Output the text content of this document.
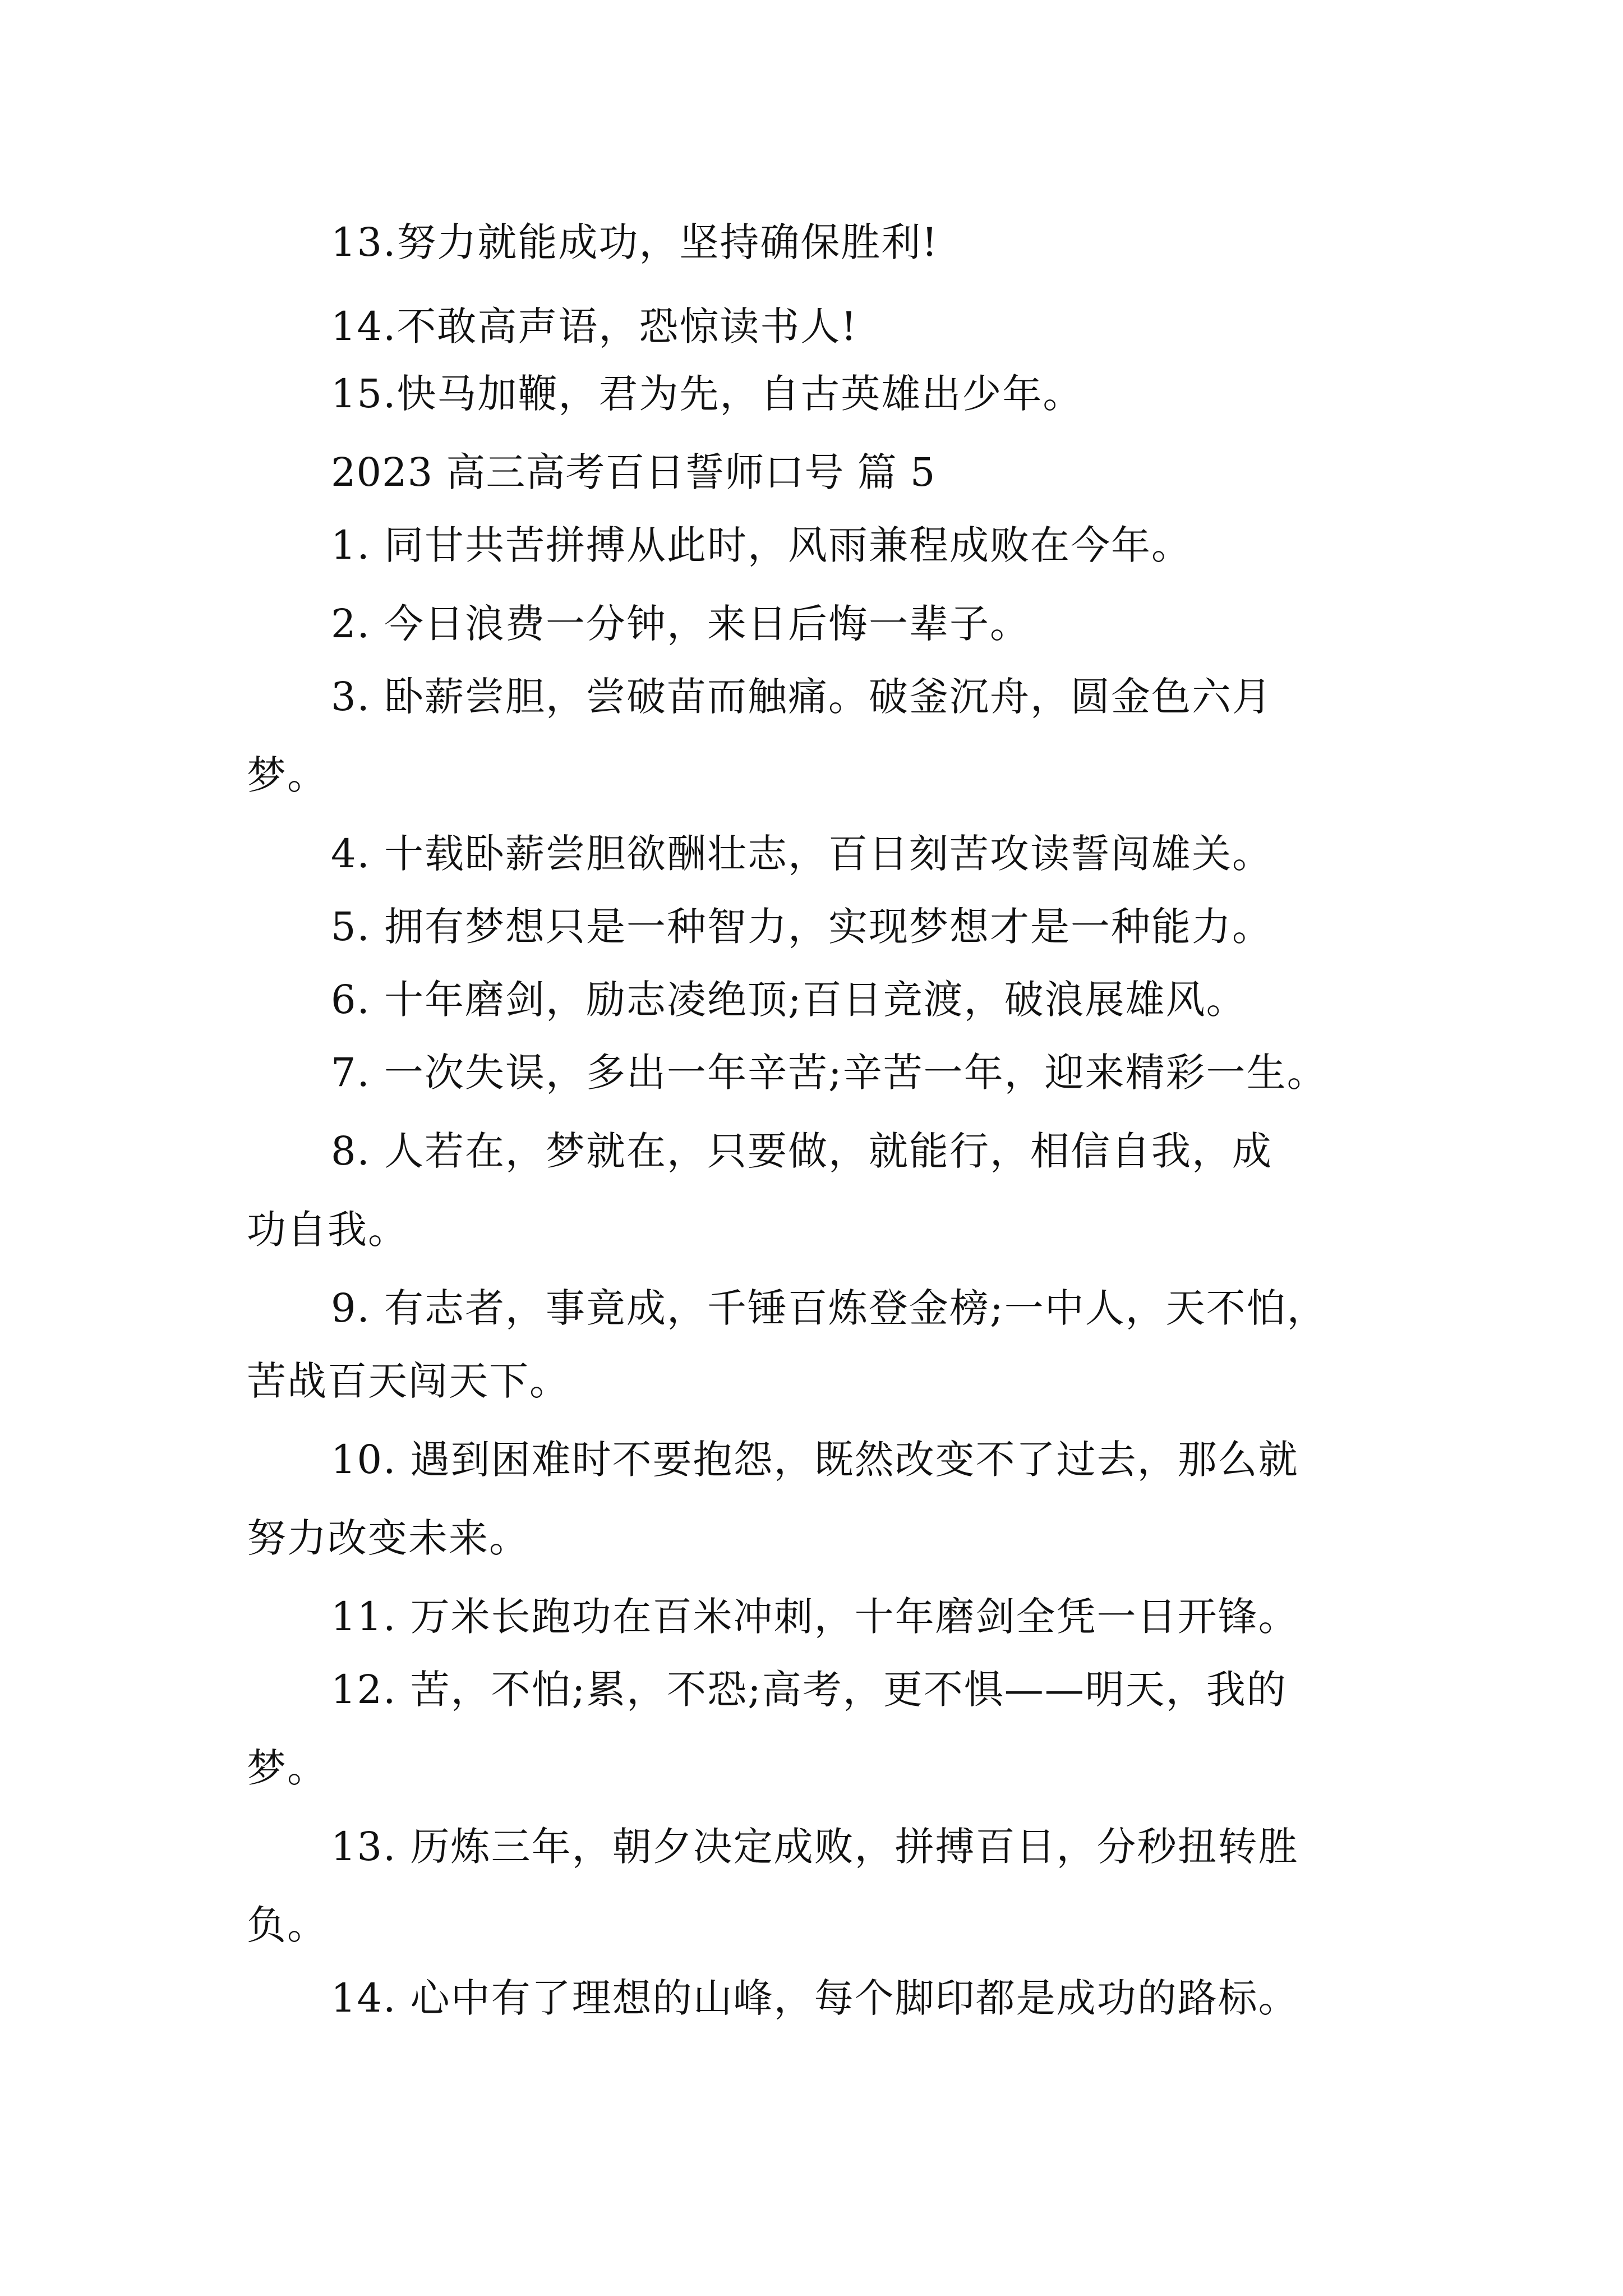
13.努力就能成功，坚持确保胜利!
14.不敢高声语，恐惊读书人!
15.快马加鞭，君为先，自古英雄出少年。
2023 高三高考百日誓师口号 篇 5
1. 同甘共苦拼搏从此时，风雨兼程成败在今年。
2. 今日浪费一分钟，来日后悔一辈子。
3. 卧薪尝胆，尝破苗而触痛。破釜沉舟，圆金色六月
梦。
4. 十载卧薪尝胆欲酬壮志，百日刻苦攻读誓闯雄关。
5. 拥有梦想只是一种智力，实现梦想才是一种能力。
6. 十年磨剑，励志凌绝顶;百日竞渡，破浪展雄风。
7. 一次失误，多出一年辛苦;辛苦一年，迎来精彩一生。
8. 人若在，梦就在，只要做，就能行，相信自我，成
功自我。
9. 有志者，事竟成，千锤百炼登金榜;一中人，天不怕，
苦战百天闯天下。
10. 遇到困难时不要抱怨，既然改变不了过去，那么就
努力改变未来。
11. 万米长跑功在百米冲刺，十年磨剑全凭一日开锋。
12. 苦，不怕;累，不恐;高考，更不惧——明天，我的
梦。
13. 历炼三年，朝夕决定成败，拼搏百日，分秒扭转胜
负。
14. 心中有了理想的山峰，每个脚印都是成功的路标。
